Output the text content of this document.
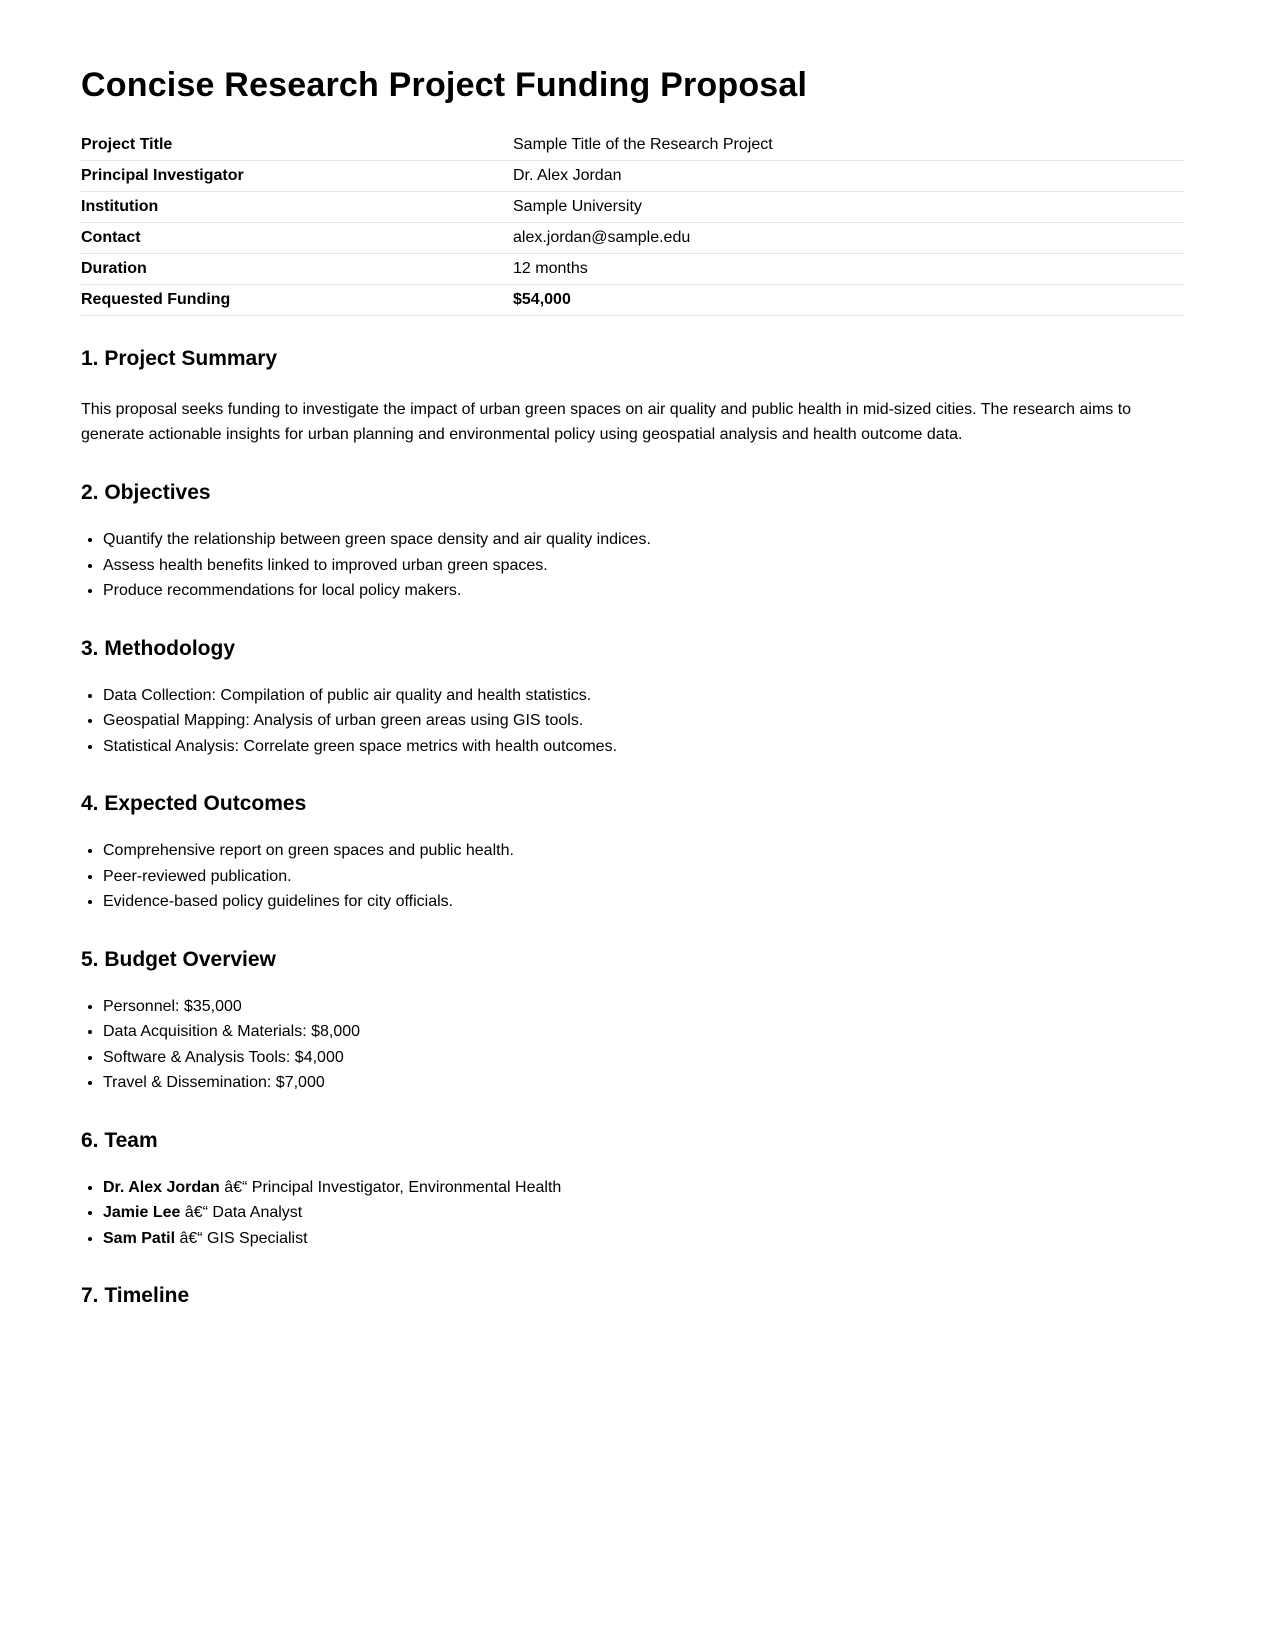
Concise Research Project Funding Proposal
Project Title	Sample Title of the Research Project
Principal Investigator	Dr. Alex Jordan
Institution	Sample University
Contact	alex.jordan@sample.edu
Duration	12 months
Requested Funding	$54,000
1. Project Summary

This proposal seeks funding to investigate the impact of urban green spaces on air quality and public health in mid-sized cities. The research aims to generate actionable insights for urban planning and environmental policy using geospatial analysis and health outcome data.

2. Objectives
• Quantify the relationship between green space density and air quality indices.
• Assess health benefits linked to improved urban green spaces.
• Produce recommendations for local policy makers.
3. Methodology
• Data Collection: Compilation of public air quality and health statistics.
• Geospatial Mapping: Analysis of urban green areas using GIS tools.
• Statistical Analysis: Correlate green space metrics with health outcomes.
4. Expected Outcomes
• Comprehensive report on green spaces and public health.
• Peer-reviewed publication.
• Evidence-based policy guidelines for city officials.
5. Budget Overview
• Personnel: $35,000
• Data Acquisition & Materials: $8,000
• Software & Analysis Tools: $4,000
• Travel & Dissemination: $7,000
6. Team
• Dr. Alex Jordan â€“ Principal Investigator, Environmental Health
• Jamie Lee â€“ Data Analyst
• Sam Patil â€“ GIS Specialist
7. Timeline
